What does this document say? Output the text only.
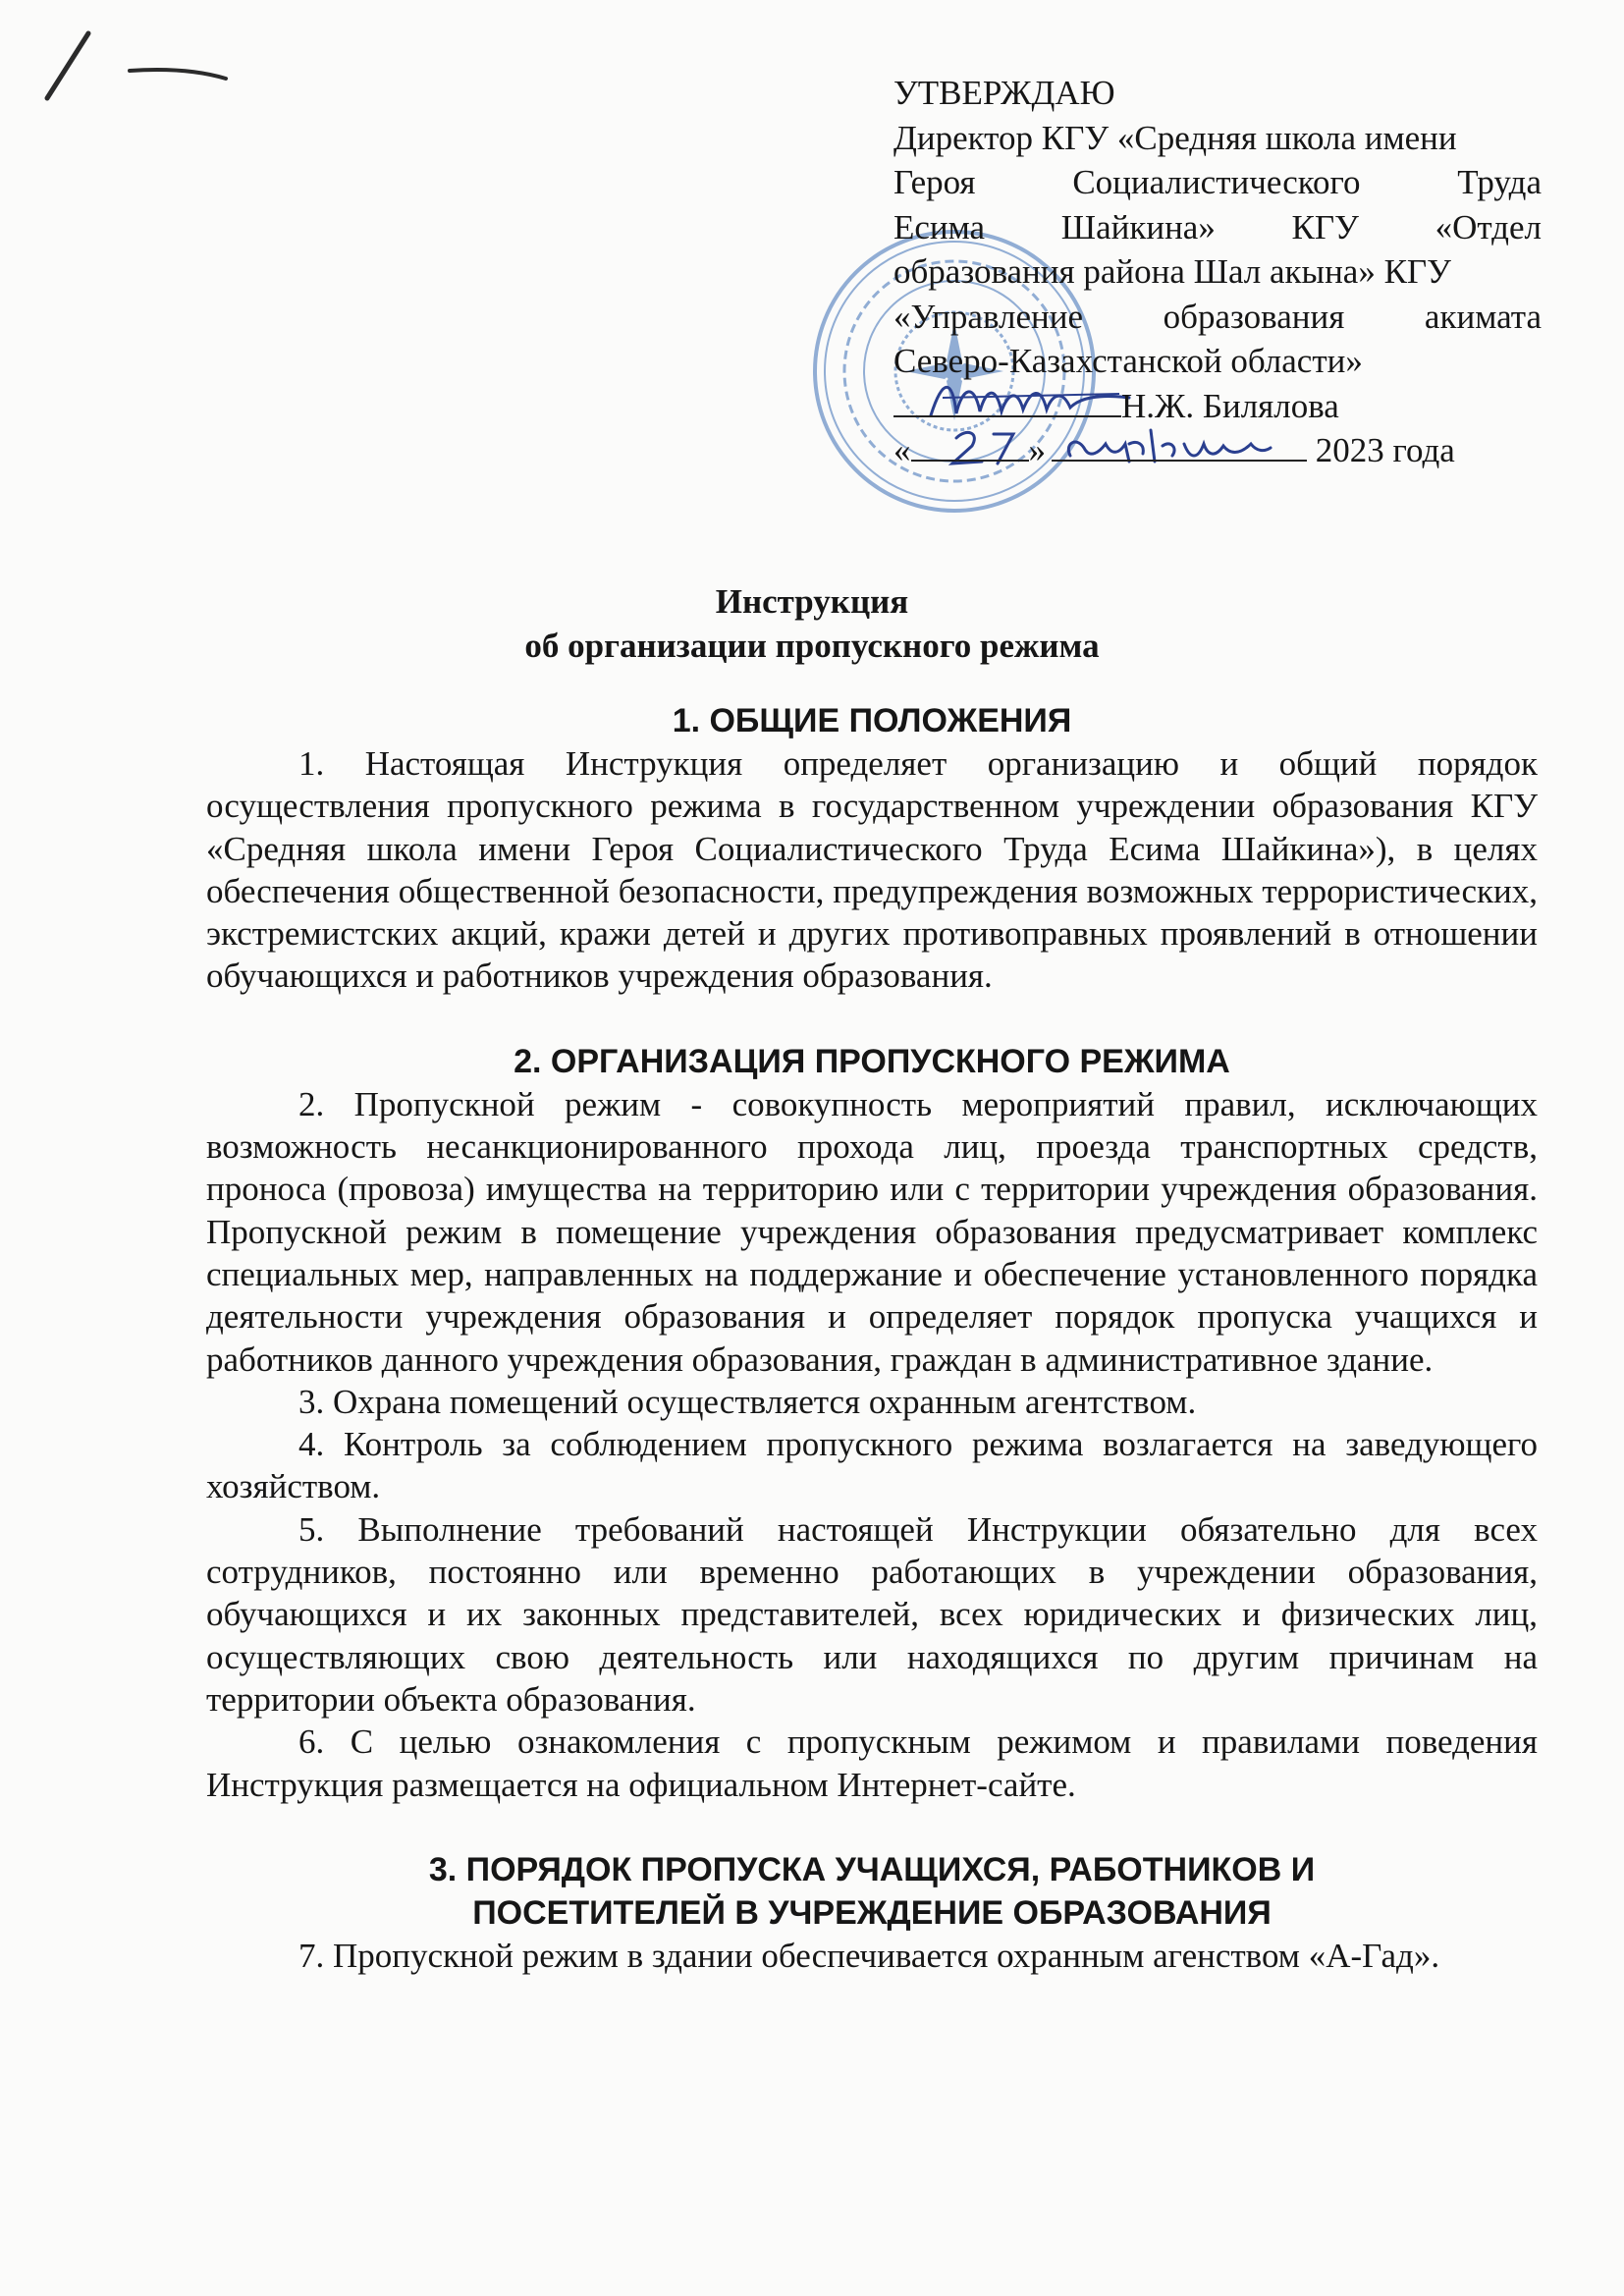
УТВЕРЖДАЮ
Директор КГУ «Средняя школа имени
Героя Социалистического Труда
Есима Шайкина» КГУ «Отдел
образования района Шал акына» КГУ
«Управление образования акимата
Северо-Казахстанской области»
Н.Ж. Билялова
«	»	2023 года
Инструкция
об организации пропускного режима
1. ОБЩИЕ ПОЛОЖЕНИЯ

1. Настоящая Инструкция определяет организацию и общий порядок осуществления пропускного режима в государственном учреждении образования КГУ «Средняя школа имени Героя Социалистического Труда Есима Шайкина»), в целях обеспечения общественной безопасности, предупреждения возможных террористических, экстремистских акций, кражи детей и других противоправных проявлений в отношении обучающихся и работников учреждения образования.

2. ОРГАНИЗАЦИЯ ПРОПУСКНОГО РЕЖИМА

2. Пропускной режим - совокупность мероприятий правил, исключающих возможность несанкционированного прохода лиц, проезда транспортных средств, проноса (провоза) имущества на территорию или с территории учреждения образования. Пропускной режим в помещение учреждения образования предусматривает комплекс специальных мер, направленных на поддержание и обеспечение установленного порядка деятельности учреждения образования и определяет порядок пропуска учащихся и работников данного учреждения образования, граждан в административное здание.

3. Охрана помещений осуществляется охранным агентством.

4. Контроль за соблюдением пропускного режима возлагается на заведующего хозяйством.

5. Выполнение требований настоящей Инструкции обязательно для всех сотрудников, постоянно или временно работающих в учреждении образования, обучающихся и их законных представителей, всех юридических и физических лиц, осуществляющих свою деятельность или находящихся по другим причинам на территории объекта образования.

6. С целью ознакомления с пропускным режимом и правилами поведения Инструкция размещается на официальном Интернет-сайте.

3. ПОРЯДОК ПРОПУСКА УЧАЩИХСЯ, РАБОТНИКОВ И
ПОСЕТИТЕЛЕЙ В УЧРЕЖДЕНИЕ ОБРАЗОВАНИЯ

7. Пропускной режим в здании обеспечивается охранным агенством «А-Гад».
